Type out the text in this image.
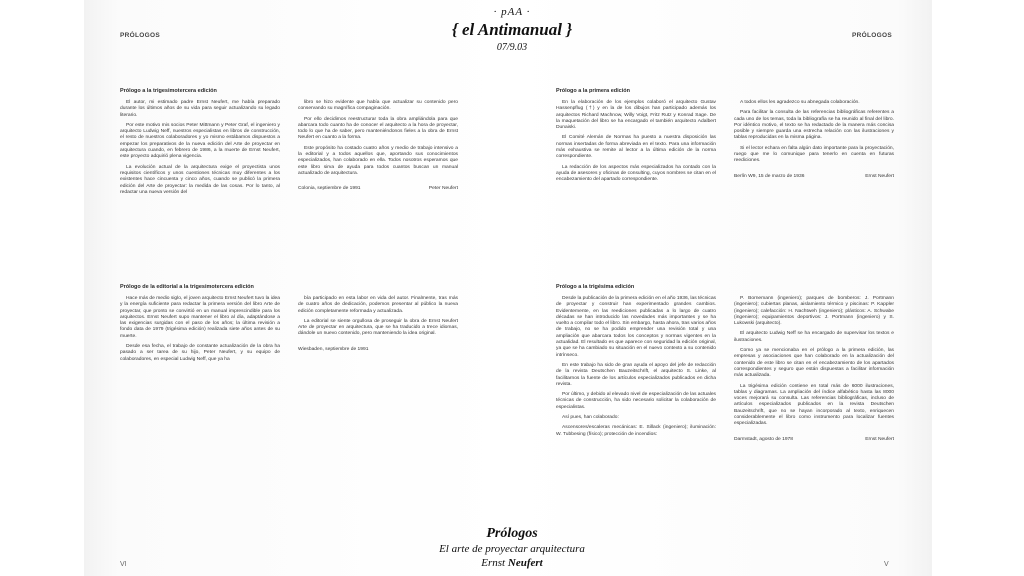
· pAA ·
{ el Antimanual }
07/9.03
PRÓLOGOS	PRÓLOGOS
Prólogo a la trigesimotercera edición

El autor, mi estimado padre Ernst Neufert, me había preparado durante los últimos años de su vida para seguir actualizando su legado literario.

Por este motivo mis socios Peter Mittmann y Peter Graf, el ingeniero y arquitecto Ludwig Neff, nuestros especialistas en libros de construcción, el resto de nuestros colaboradores y yo mismo estábamos dispuestos a empezar los preparativos de la nueva edición del Arte de proyectar en arquitectura cuando, en febrero de 1986, a la muerte de Ernst Neufert, este proyecto adquirió plena vigencia.

La evolución actual de la arquitectura exige el proyectista unos requisitos científicos y unos cuestiones técnicas muy diferentes a los existentes hace cincuenta y cinco años, cuando se publicó la primera edición del Arte de proyectar: la medida de las cosas. Por lo tanto, al redactar una nueva versión del

libro se hizo evidente que había que actualizar su contenido pero conservando su magnífica compaginación.

Por ello decidimos reestructurar toda la obra ampliándola para que abarcara todo cuanto ha de conocer el arquitecto a la hora de proyectar, todo lo que ha de saber, pero manteniéndonos fieles a la obra de Ernst Neufert en cuanto a la forma.

Este propósito ha costado cuatro años y medio de trabajo intensivo a la editorial y a todos aquellos que, aportando sus conocimientos especializados, han colaborado en ella. Todos nosotros esperamos que este libro sirva de ayuda para todos cuantos buscan un manual actualizado de arquitectura.

Colonia, septiembre de 1991	Peter Neufert
Prólogo a la primera edición

En la elaboración de los ejemplos colaboró el arquitecto Gustav Hassenpflug (†) y en la de los dibujos han participado además los arquitectos Richard Machnow, Willy Voigt, Fritz Rutz y Konrad Sage. De la maquetación del libro se ha encargado el también arquitecto Adalbert Dunaiski.

El Comité Alemán de Normas ha puesto a nuestra disposición las normas insertadas de forma abreviada en el texto. Para una información más exhaustiva se remite al lector a la última edición de la norma correspondiente.

La redacción de los aspectos más especializados ha contado con la ayuda de asesores y oficinas de consulting, cuyos nombres se citan en el encabezamiento del apartado correspondiente.

A todos ellos les agradezco su abnegada colaboración.

Para facilitar la consulta de las referencias bibliográficas referentes a cada uno de los temas, toda la bibliografía se ha reunido al final del libro. Por idéntico motivo, el texto se ha redactado de la manera más concisa posible y siempre guarda una estrecha relación con las ilustraciones y tablas reproducidas en la misma página.

Si el lector echara en falta algún dato importante para la proyectación, ruego que me lo comunique para tenerlo en cuenta en futuras reediciones.

Berlín W9, 15 de marzo de 1936	Ernst Neufert
Prólogo de la editorial a la trigesimotercera edición

Hace más de medio siglo, el joven arquitecto Ernst Neufert tuvo la idea y la energía suficiente para redactar la primera versión del libro Arte de proyectar, que pronto se convirtió en un manual imprescindible para los arquitectos. Ernst Neufert supo mantener el libro al día, adaptándose a las exigencias surgidas con el paso de los años; la última revisión a fondo data de 1979 (trigésima edición) realizada siete años antes de su muerte.

Desde esa fecha, el trabajo de constante actualización de la obra ha pasado a ser tarea de su hijo, Peter Neufert, y su equipo de colaboradores, en especial Ludwig Neff, que ya ha

bía participado en esta labor en vida del autor. Finalmente, tras más de cuatro años de dedicación, podemos presentar al público la nueva edición completamente reformada y actualizada.

La editorial se siente orgullosa de proseguir la obra de Ernst Neufert Arte de proyectar en arquitectura, que se ha traducido a trece idiomas, dándole un nuevo contenido, pero manteniendo la idea original.

Wiesbaden, septiembre de 1991
Prólogo a la trigésima edición

Desde la publicación de la primera edición en el año 1936, las técnicas de proyectar y construir han experimentado grandes cambios. Evidentemente, en las reediciones publicadas a lo largo de cuatro décadas se han introducido las novedades más importantes y se ha vuelto a compilar todo el libro. Sin embargo, hasta ahora, tras varios años de trabajo, no se ha podido emprender una revisión total y una ampliación que abarcara todos los conceptos y normas vigentes en la actualidad. El resultado es que aparece con seguridad la edición original, ya que se ha cambiado su situación en el nuevo contexto a su contenido intrínseco.

En este trabajo ha sido de gran ayuda el apoyo del jefe de redacción de la revista Deutschen Bauzeitschrift, el arquitecto S. Linke, al facilitarnos la fuente de los artículos especializados publicados en dicha revista.

Por último, y debido al elevado nivel de especialización de las actuales técnicas de construcción, ha sido necesario solicitar la colaboración de especialistas.

Así pues, han colaborado:

Ascensores/escaleras mecánicas: E. Sillack (ingeniero); iluminación: W. Tubbesing (físico); protección de incendios:

P. Bornemann (ingeniero); parques de bomberos: J. Portmann (ingeniero); cubiertas planas, aislamiento térmico y piscinas: P. Kappler (ingeniero); calefacción: H. Nachtweh (ingeniero); plásticos: A. Schwabe (ingeniero); equipamientos deportivos: J. Portmann (ingeniero) y S. Lukowski (arquitecto).

El arquitecto Ludwig Neff se ha encargado de supervisar los textos e ilustraciones.

Como ya se mencionaba en el prólogo a la primera edición, las empresas y asociaciones que han colaborado en la actualización del contenido de este libro se citan en el encabezamiento de los apartados correspondientes y seguro que están dispuestas a facilitar información más actualizada.

La trigésima edición contiene en total más de 6000 ilustraciones, tablas y diagramas. La ampliación del índice alfabético hasta las 8000 voces mejorará su consulta. Las referencias bibliográficas, incluso de artículos especializados publicados en la revista Deutschen Bauzeitschrift, que no se hayan incorporado al texto, enriquecen considerablemente el libro como instrumento para localizar fuentes especializadas.

Darmstadt, agosto de 1978	Ernst Neufert
VI	V
Prólogos
El arte de proyectar arquitectura
Ernst Neufert
